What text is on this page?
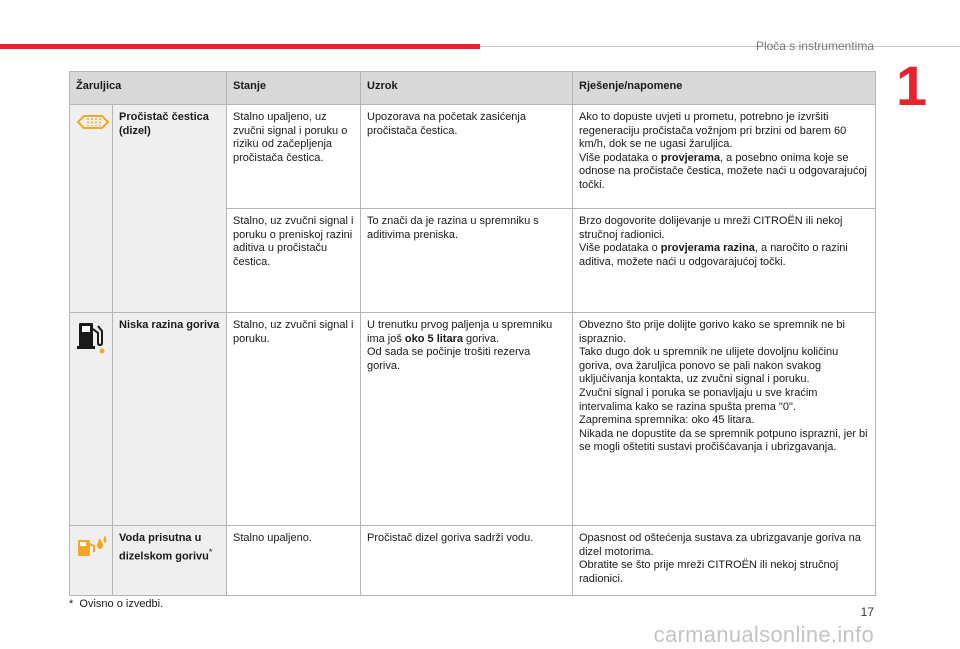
Ploča s instrumentima
1
Žaruljica		Stanje	Uzrok	Rješenje/napomene
	Pročistač čestica (dizel)	Stalno upaljeno, uz zvučni signal i poruku o riziku od začepljenja pročistača čestica.	Upozorava na početak zasićenja pročistača čestica.	Ako to dopuste uvjeti u prometu, potrebno je izvršiti regeneraciju pročistača vožnjom pri brzini od barem 60 km/h, dok se ne ugasi žaruljica.
Više podataka o provjerama, a posebno onima koje se odnose na pročistače čestica, možete naći u odgovarajućoj točki.
		Stalno, uz zvučni signal i poruku o preniskoj razini aditiva u pročistaču čestica.	To znači da je razina u spremniku s aditivima preniska.	Brzo dogovorite dolijevanje u mreži CITROËN ili nekoj stručnoj radionici.
Više podataka o provjerama razina, a naročito o razini aditiva, možete naći u odgovarajućoj točki.
	Niska razina goriva	Stalno, uz zvučni signal i poruku.	U trenutku prvog paljenja u spremniku ima još oko 5 litara goriva.
Od sada se počinje trošiti rezerva goriva.	Obvezno što prije dolijte gorivo kako se spremnik ne bi ispraznio.
Tako dugo dok u spremnik ne ulijete dovoljnu količinu goriva, ova žaruljica ponovo se pali nakon svakog uključivanja kontakta, uz zvučni signal i poruku.
Zvučni signal i poruka se ponavljaju u sve kraćim intervalima kako se razina spušta prema "0".
Zapremina spremnika: oko 45 litara.
Nikada ne dopustite da se spremnik potpuno isprazni, jer bi se mogli oštetiti sustavi pročišćavanja i ubrizgavanja.
	Voda prisutna u dizelskom gorivu*	Stalno upaljeno.	Pročistač dizel goriva sadrži vodu.	Opasnost od oštećenja sustava za ubrizgavanje goriva na dizel motorima.
Obratite se što prije mreži CITROËN ili nekoj stručnoj radionici.
* Ovisno o izvedbi.
17
carmanualsonline.info
